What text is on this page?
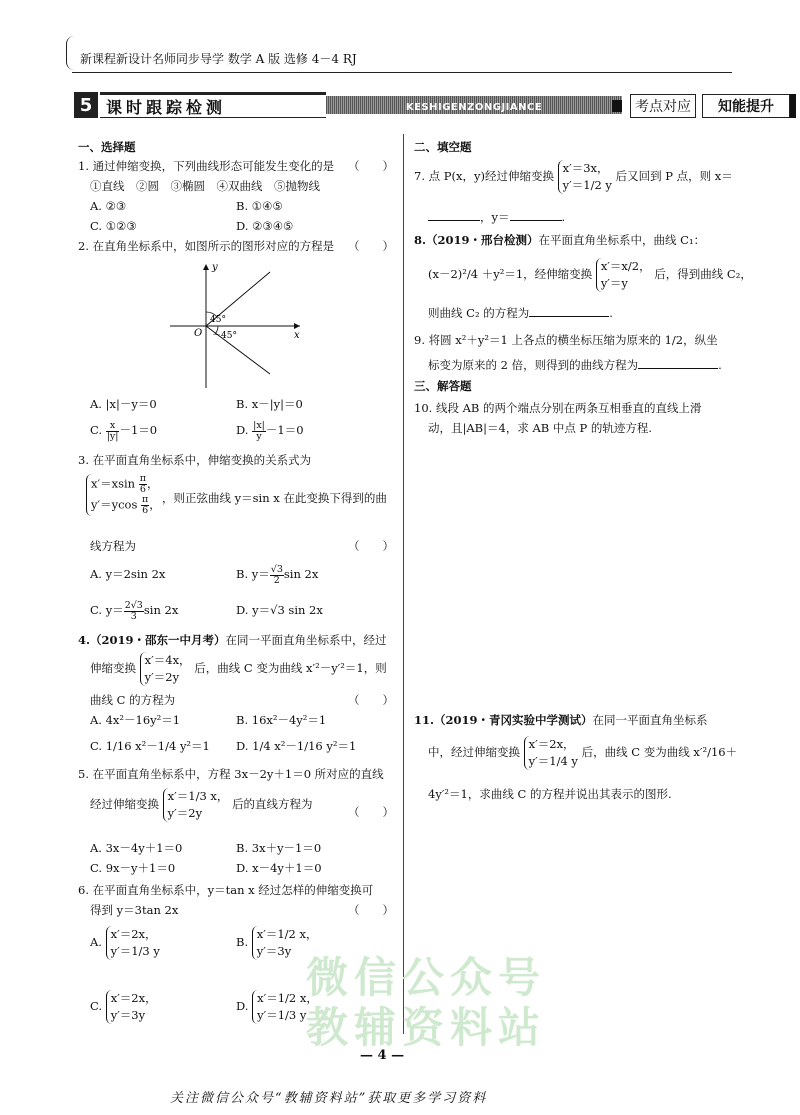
新课程新设计名师同步导学 数学 A 版 选修 4－4 RJ
5 课时跟踪检测	KESHIGENZONGJIANCE	考点对应	知能提升
微信公众号
教辅资料站
一、选择题
1. 通过伸缩变换，下列曲线形态可能发生变化的是 （　　）
①直线　②圆　③椭圆　④双曲线　⑤抛物线
A. ②③	B. ①④⑤
C. ①②③	D. ②③④⑤
2. 在直角坐标系中，如图所示的图形对应的方程是 （　　）
y
x
O
45°
－45°
A. |x|－y＝0	B. x－|y|＝0
C. $\frac{x}{|y|} -1=0$	D. $\frac{|x|}{y} -1=0$
3. 在平面直角坐标系中，伸缩变换的关系式为
$x'=xsin \frac{\pi}{6}$ ，
$y'=ycos \frac{\pi}{6}$ ， ，则正弦曲线 y＝sin x 在此变换下得到的曲
线方程为	（　　）
A. y＝2sin 2x	B. $y= \frac{√3}{2}$ sin 2x
C. $y= \frac{2√3}{3}$ sin 2x	D. y＝√3 sin 2x
4.（2019・邵东一中月考）在同一平面直角坐标系中，经过
伸缩变换 x′＝4x，
y′＝2y 后，曲线 C 变为曲线 x′²－y′²＝1，则
曲线 C 的方程为	（　　）
A. 4x²－16y²＝1	B. 16x²－4y²＝1
C. 1/16 x²－1/4 y²＝1 D. 1/4 x²－1/16 y²＝1
5. 在平面直角坐标系中，方程 3x－2y＋1＝0 所对应的直线
经过伸缩变换 x′＝1/3 x，
y′＝2y 后的直线方程为
（　　）
A. 3x－4y＋1＝0	B. 3x＋y－1＝0
C. 9x－y＋1＝0	D. x－4y＋1＝0
6. 在平面直角坐标系中，y＝tan x 经过怎样的伸缩变换可
得到 y＝3tan 2x	（　　）
A. x′＝2x，
y′＝1/3 y
B. x′＝1/2 x，
y′＝3y
C. x′＝2x，
y′＝3y
D. x′＝1/2 x，
y′＝1/3 y
二、填空题
7. 点 P(x，y)经过伸缩变换 x′＝3x，
y′＝1/2 y 后又回到 P 点，则 x＝
，y＝	.
8.（2019・邢台检测）在平面直角坐标系中，曲线 C₁：
(x－2)²/4 ＋y²＝1，经伸缩变换 x′＝x/2，
y′＝y 后，得到曲线 C₂，
则曲线 C₂ 的方程为	.
9. 将圆 x²＋y²＝1 上各点的横坐标压缩为原来的 1/2，纵坐
标变为原来的 2 倍，则得到的曲线方程为	.
三、解答题
10. 线段 AB 的两个端点分别在两条互相垂直的直线上滑
动，且|AB|＝4，求 AB 中点 P 的轨迹方程.
11.（2019・青冈实验中学测试）在同一平面直角坐标系
中，经过伸缩变换 x′＝2x，
y′＝1/4 y 后，曲线 C 变为曲线 x′²/16＋
4y′²＝1，求曲线 C 的方程并说出其表示的图形.
— 4 —
关注微信公众号“教辅资料站”获取更多学习资料
